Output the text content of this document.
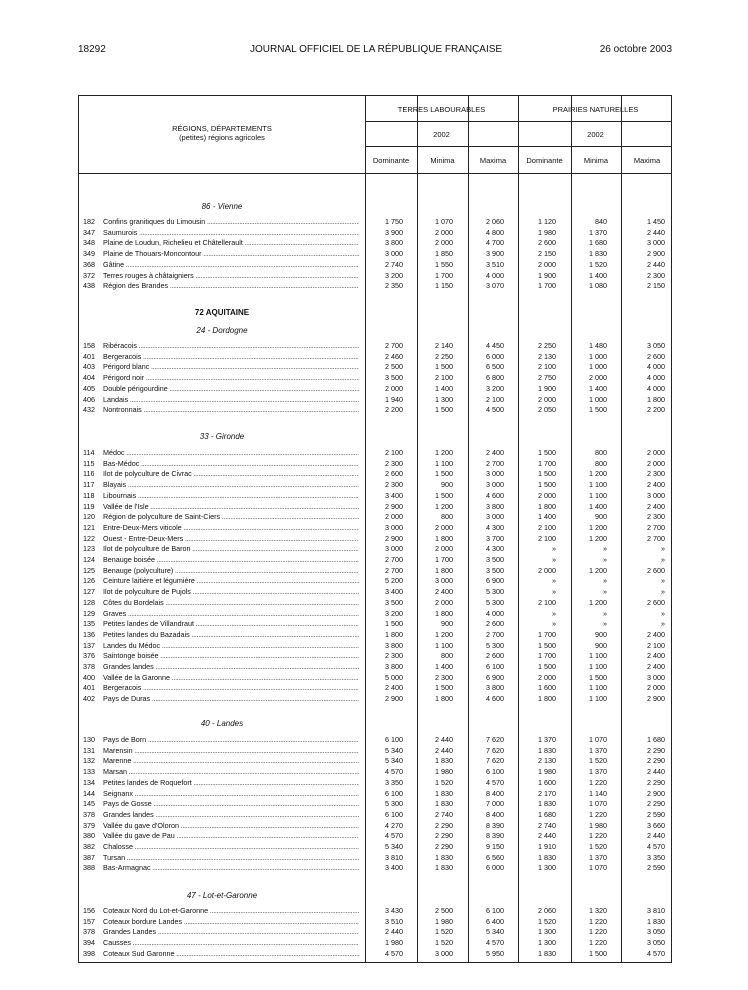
18292	JOURNAL OFFICIEL DE LA RÉPUBLIQUE FRANÇAISE	26 octobre 2003
RÉGIONS, DÉPARTEMENTS
(petites) régions agricoles
TERRES LABOURABLES	PRAIRIES NATURELLES
2002	2002
Dominante	Minima	Maxima	Dominante	Minima	Maxima
86 - Vienne
182	Confins granitiques du Limousin .....	1 750	1 070	2 060	1 120	840	1 450
347	Saumurois .....	3 900	2 000	4 800	1 980	1 370	2 440
348	Plaine de Loudun, Richelieu et Châtellerault .....	3 800	2 000	4 700	2 600	1 680	3 000
349	Plaine de Thouars-Moncontour .....	3 000	1 850	3 900	2 150	1 830	2 900
368	Gâtine .....	2 740	1 550	3 510	2 000	1 520	2 440
372	Terres rouges à châtaigniers .....	3 200	1 700	4 000	1 900	1 400	2 300
438	Région des Brandes .....	2 350	1 150	3 070	1 700	1 080	2 150
72 AQUITAINE
24 - Dordogne
158	Ribéracois .....	2 700	2 140	4 450	2 250	1 480	3 050
401	Bergeracois .....	2 460	2 250	6 000	2 130	1 000	2 600
403	Périgord blanc .....	2 500	1 500	6 500	2 100	1 000	4 000
404	Périgord noir .....	3 500	2 100	6 800	2 750	2 000	4 000
405	Double périgourdine .....	2 000	1 400	3 200	1 900	1 400	4 000
406	Landais .....	1 940	1 300	2 100	2 000	1 000	1 800
432	Nontronnais .....	2 200	1 500	4 500	2 050	1 500	2 200
33 - Gironde
114	Médoc .....	2 100	1 200	2 400	1 500	800	2 000
115	Bas-Médoc .....	2 300	1 100	2 700	1 700	800	2 000
116	Ilot de polyculture de Civrac .....	2 600	1 500	3 000	1 500	1 200	2 300
117	Blayais .....	2 300	900	3 000	1 500	1 100	2 400
118	Libournais .....	3 400	1 500	4 600	2 000	1 100	3 000
119	Vallée de l'Isle .....	2 900	1 200	3 800	1 800	1 400	2 400
120	Région de polyculture de Saint-Ciers .....	2 000	800	3 000	1 400	900	2 300
121	Entre-Deux-Mers viticole .....	3 000	2 000	4 300	2 100	1 200	2 700
122	Ouest - Entre-Deux-Mers .....	2 900	1 800	3 700	2 100	1 200	2 700
123	Ilot de polyculture de Baron .....	3 000	2 000	4 300	»	»	»
124	Benauge boisée .....	2 700	1 700	3 500	»	»	»
125	Benauge (polyculture) .....	2 700	1 800	3 500	2 000	1 200	2 600
126	Ceinture laitière et légumière .....	5 200	3 000	6 900	»	»	»
127	Ilot de polyculture de Pujols .....	3 400	2 400	5 300	»	»	»
128	Côtes du Bordelais .....	3 500	2 000	5 300	2 100	1 200	2 600
129	Graves .....	3 200	1 800	4 000	»	»	»
135	Petites landes de Villandraut .....	1 500	900	2 600	»	»	»
136	Petites landes du Bazadais .....	1 800	1 200	2 700	1 700	900	2 400
137	Landes du Médoc .....	3 800	1 100	5 300	1 500	900	2 100
376	Saintonge boisée .....	2 300	800	2 600	1 700	1 100	2 400
378	Grandes landes .....	3 800	1 400	6 100	1 500	1 100	2 400
400	Vallée de la Garonne .....	5 000	2 300	6 900	2 000	1 500	3 000
401	Bergeracois .....	2 400	1 500	3 800	1 600	1 100	2 000
402	Pays de Duras .....	2 900	1 800	4 600	1 800	1 100	2 900
40 - Landes
130	Pays de Born .....	6 100	2 440	7 620	1 370	1 070	1 680
131	Marensin .....	5 340	2 440	7 620	1 830	1 370	2 290
132	Marenne .....	5 340	1 830	7 620	2 130	1 520	2 290
133	Marsan .....	4 570	1 980	6 100	1 980	1 370	2 440
134	Petites landes de Roquefort .....	3 350	1 520	4 570	1 600	1 220	2 290
144	Seignanx .....	6 100	1 830	8 400	2 170	1 140	2 900
145	Pays de Gosse .....	5 300	1 830	7 000	1 830	1 070	2 290
378	Grandes landes .....	6 100	2 740	8 400	1 680	1 220	2 590
379	Vallée du gave d'Oloron .....	4 270	2 290	8 390	2 740	1 980	3 660
380	Vallée du gave de Pau .....	4 570	2 290	8 390	2 440	1 220	2 440
382	Chalosse .....	5 340	2 290	9 150	1 910	1 520	4 570
387	Tursan .....	3 810	1 830	6 560	1 830	1 370	3 350
388	Bas-Armagnac .....	3 400	1 830	6 000	1 300	1 070	2 590
47 - Lot-et-Garonne
156	Coteaux Nord du Lot-et-Garonne .....	3 430	2 500	6 100	2 060	1 320	3 810
157	Coteaux bordure Landes .....	3 510	1 980	6 400	1 520	1 220	1 830
378	Grandes Landes .....	2 440	1 520	5 340	1 300	1 220	3 050
394	Causses .....	1 980	1 520	4 570	1 300	1 220	3 050
398	Coteaux Sud Garonne .....	4 570	3 000	5 950	1 830	1 500	4 570
